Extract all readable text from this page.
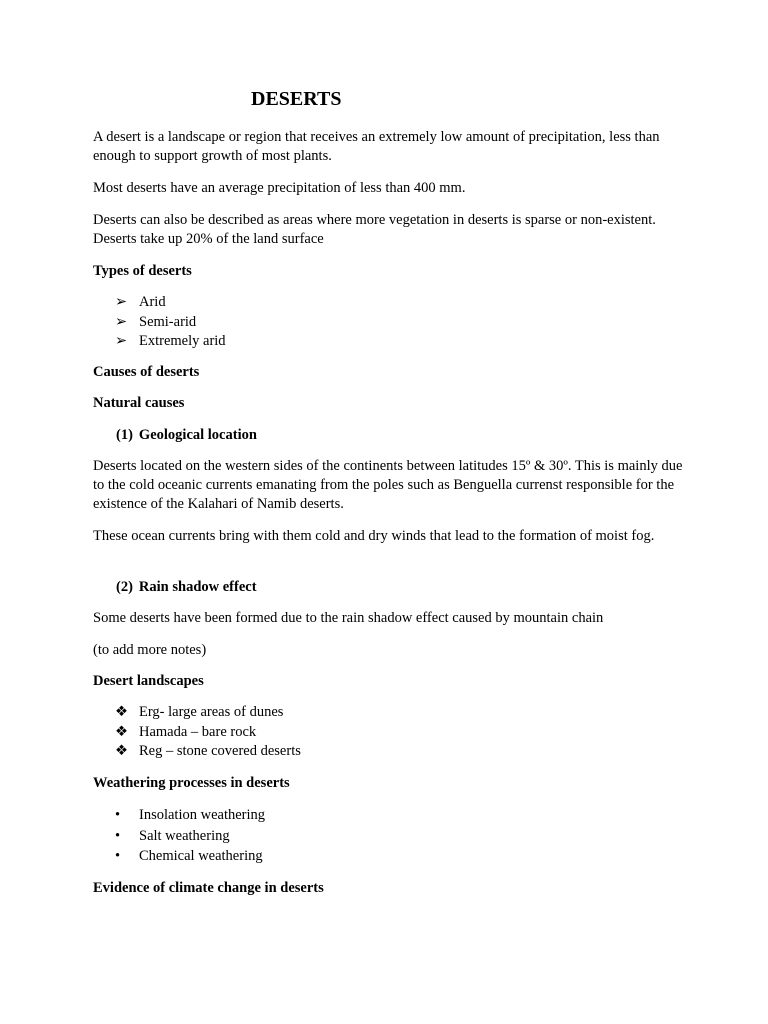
DESERTS

A desert is a landscape or region that receives an extremely low amount of precipitation, less than enough to support growth of most plants.

Most deserts have an average precipitation of less than 400 mm.

Deserts can also be described as areas where more vegetation in deserts is sparse or non-existent. Deserts take up 20% of the land surface

Types of deserts

➢ Arid
➢ Semi-arid
➢ Extremely arid

Causes of deserts

Natural causes

(1) Geological location

Deserts located on the western sides of the continents between latitudes 15º & 30º. This is mainly due to the cold oceanic currents emanating from the poles such as Benguella currenst responsible for the existence of the Kalahari of Namib deserts.

These ocean currents bring with them cold and dry winds that lead to the formation of moist fog.

(2) Rain shadow effect

Some deserts have been formed due to the rain shadow effect caused by mountain chain

(to add more notes)

Desert landscapes

❖ Erg- large areas of dunes
❖ Hamada – bare rock
❖ Reg – stone covered deserts

Weathering processes in deserts

•	Insolation weathering
•	Salt weathering
•	Chemical weathering

Evidence of climate change in deserts
